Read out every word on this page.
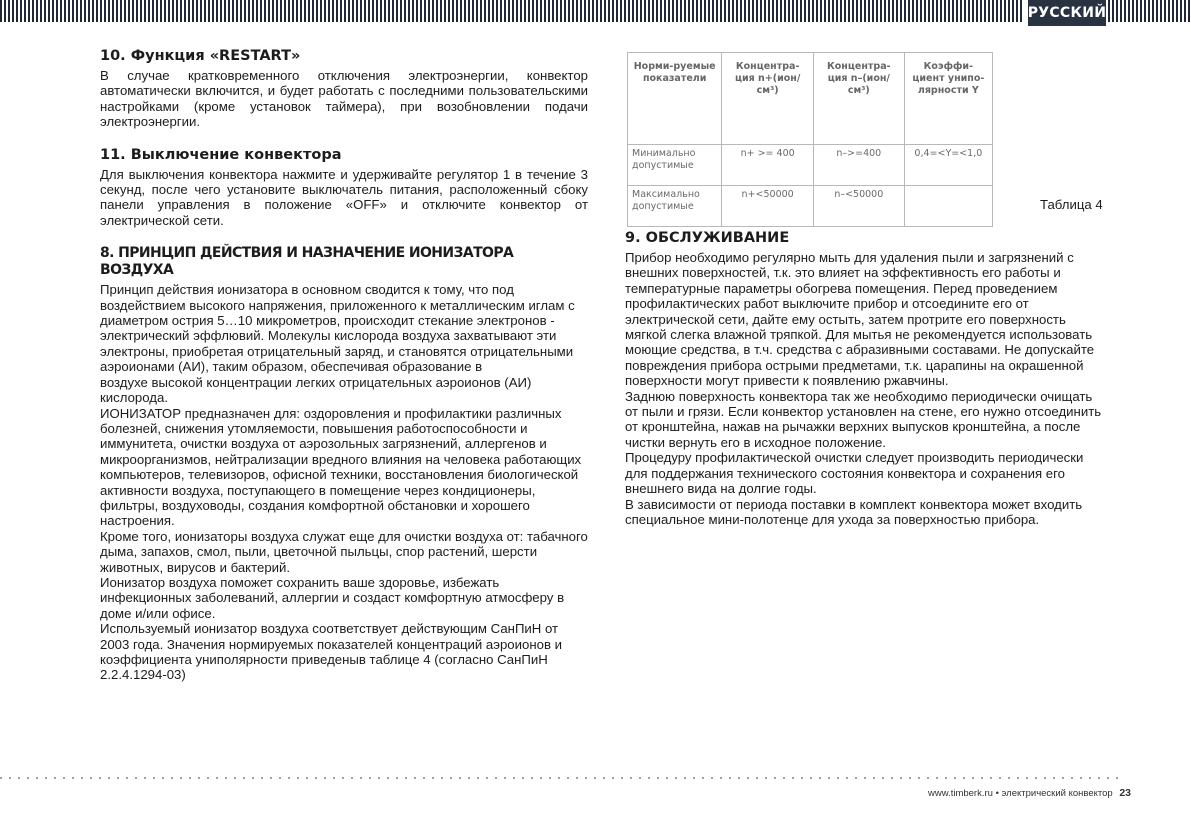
РУССКИЙ
10. Функция «RESTART»

В случае кратковременного отключения электроэнергии, конвектор автоматически включится, и будет работать с последними пользовательскими настройками (кроме установок таймера), при возобновлении подачи электроэнергии.

11. Выключение конвектора

Для выключения конвектора нажмите и удерживайте регулятор 1 в течение 3 секунд, после чего установите выключатель питания, расположенный сбоку панели управления в положение «OFF» и отключите конвектор от электрической сети.

8. ПРИНЦИП ДЕЙСТВИЯ И НАЗНАЧЕНИЕ ИОНИЗАТОРА ВОЗДУХА

Принцип действия ионизатора в основном сводится к тому, что под воздействием высокого напряжения, приложенного к металлическим иглам с диаметром острия 5…10 микрометров, происходит стекание электронов - электрический эффлювий. Молекулы кислорода воздуха захватывают эти электроны, приобретая отрицательный заряд, и становятся отрицательными аэроионами (АИ), таким образом, обеспечивая образование в

воздухе высокой концентрации легких отрицательных аэроионов (АИ) кислорода.

ИОНИЗАТОР предназначен для: оздоровления и профилактики различных болезней, снижения утомляемости, повышения работоспособности и иммунитета, очистки воздуха от аэрозольных загрязнений, аллергенов и микроорганизмов, нейтрализации вредного влияния на человека работающих компьютеров, телевизоров, офисной техники, восстановления биологической активности воздуха, поступающего в помещение через кондиционеры, фильтры, воздуховоды, создания комфортной обстановки и хорошего настроения.

Кроме того, ионизаторы воздуха служат еще для очистки воздуха от: табачного дыма, запахов, смол, пыли, цветочной пыльцы, спор растений, шерсти животных, вирусов и бактерий.

Ионизатор воздуха поможет сохранить ваше здоровье, избежать инфекционных заболеваний, аллергии и создаст комфортную атмосферу в доме и/или офисе.

Используемый ионизатор воздуха соответствует действующим СанПиН от 2003 года. Значения нормируемых показателей концентраций аэроионов и коэффициента униполярности приведеныв таблице 4 (согласно СанПиН 2.2.4.1294-03)

Норми-руемые показатели	Концентра-ция n+(ион/см³)	Концентра-ция n–(ион/см³)	Коэффи-циент унипо-лярности Y
Минимально допустимые	n+ >= 400	n–>=400	0,4=<Y=<1,0
Максимально допустимые	n+<50000	n–<50000	
Таблица 4
9. ОБСЛУЖИВАНИЕ

Прибор необходимо регулярно мыть для удаления пыли и загрязнений с внешних поверхностей, т.к. это влияет на эффективность его работы и температурные параметры обогрева помещения. Перед проведением профилактических работ выключите прибор и отсоедините его от электрической сети, дайте ему остыть, затем протрите его поверхность мягкой слегка влажной тряпкой. Для мытья не рекомендуется использовать моющие средства, в т.ч. средства с абразивными составами. Не допускайте повреждения прибора острыми предметами, т.к. царапины на окрашенной поверхности могут привести к появлению ржавчины.

Заднюю поверхность конвектора так же необходимо периодически очищать от пыли и грязи. Если конвектор установлен на стене, его нужно отсоединить от кронштейна, нажав на рычажки верхних выпусков кронштейна, а после чистки вернуть его в исходное положение.

Процедуру профилактической очистки следует производить периодически для поддержания технического состояния конвектора и сохранения его внешнего вида на долгие годы.

В зависимости от периода поставки в комплект конвектора может входить специальное мини-полотенце для ухода за поверхностью прибора.

www.timberk.ru • электрический конвектор 23
